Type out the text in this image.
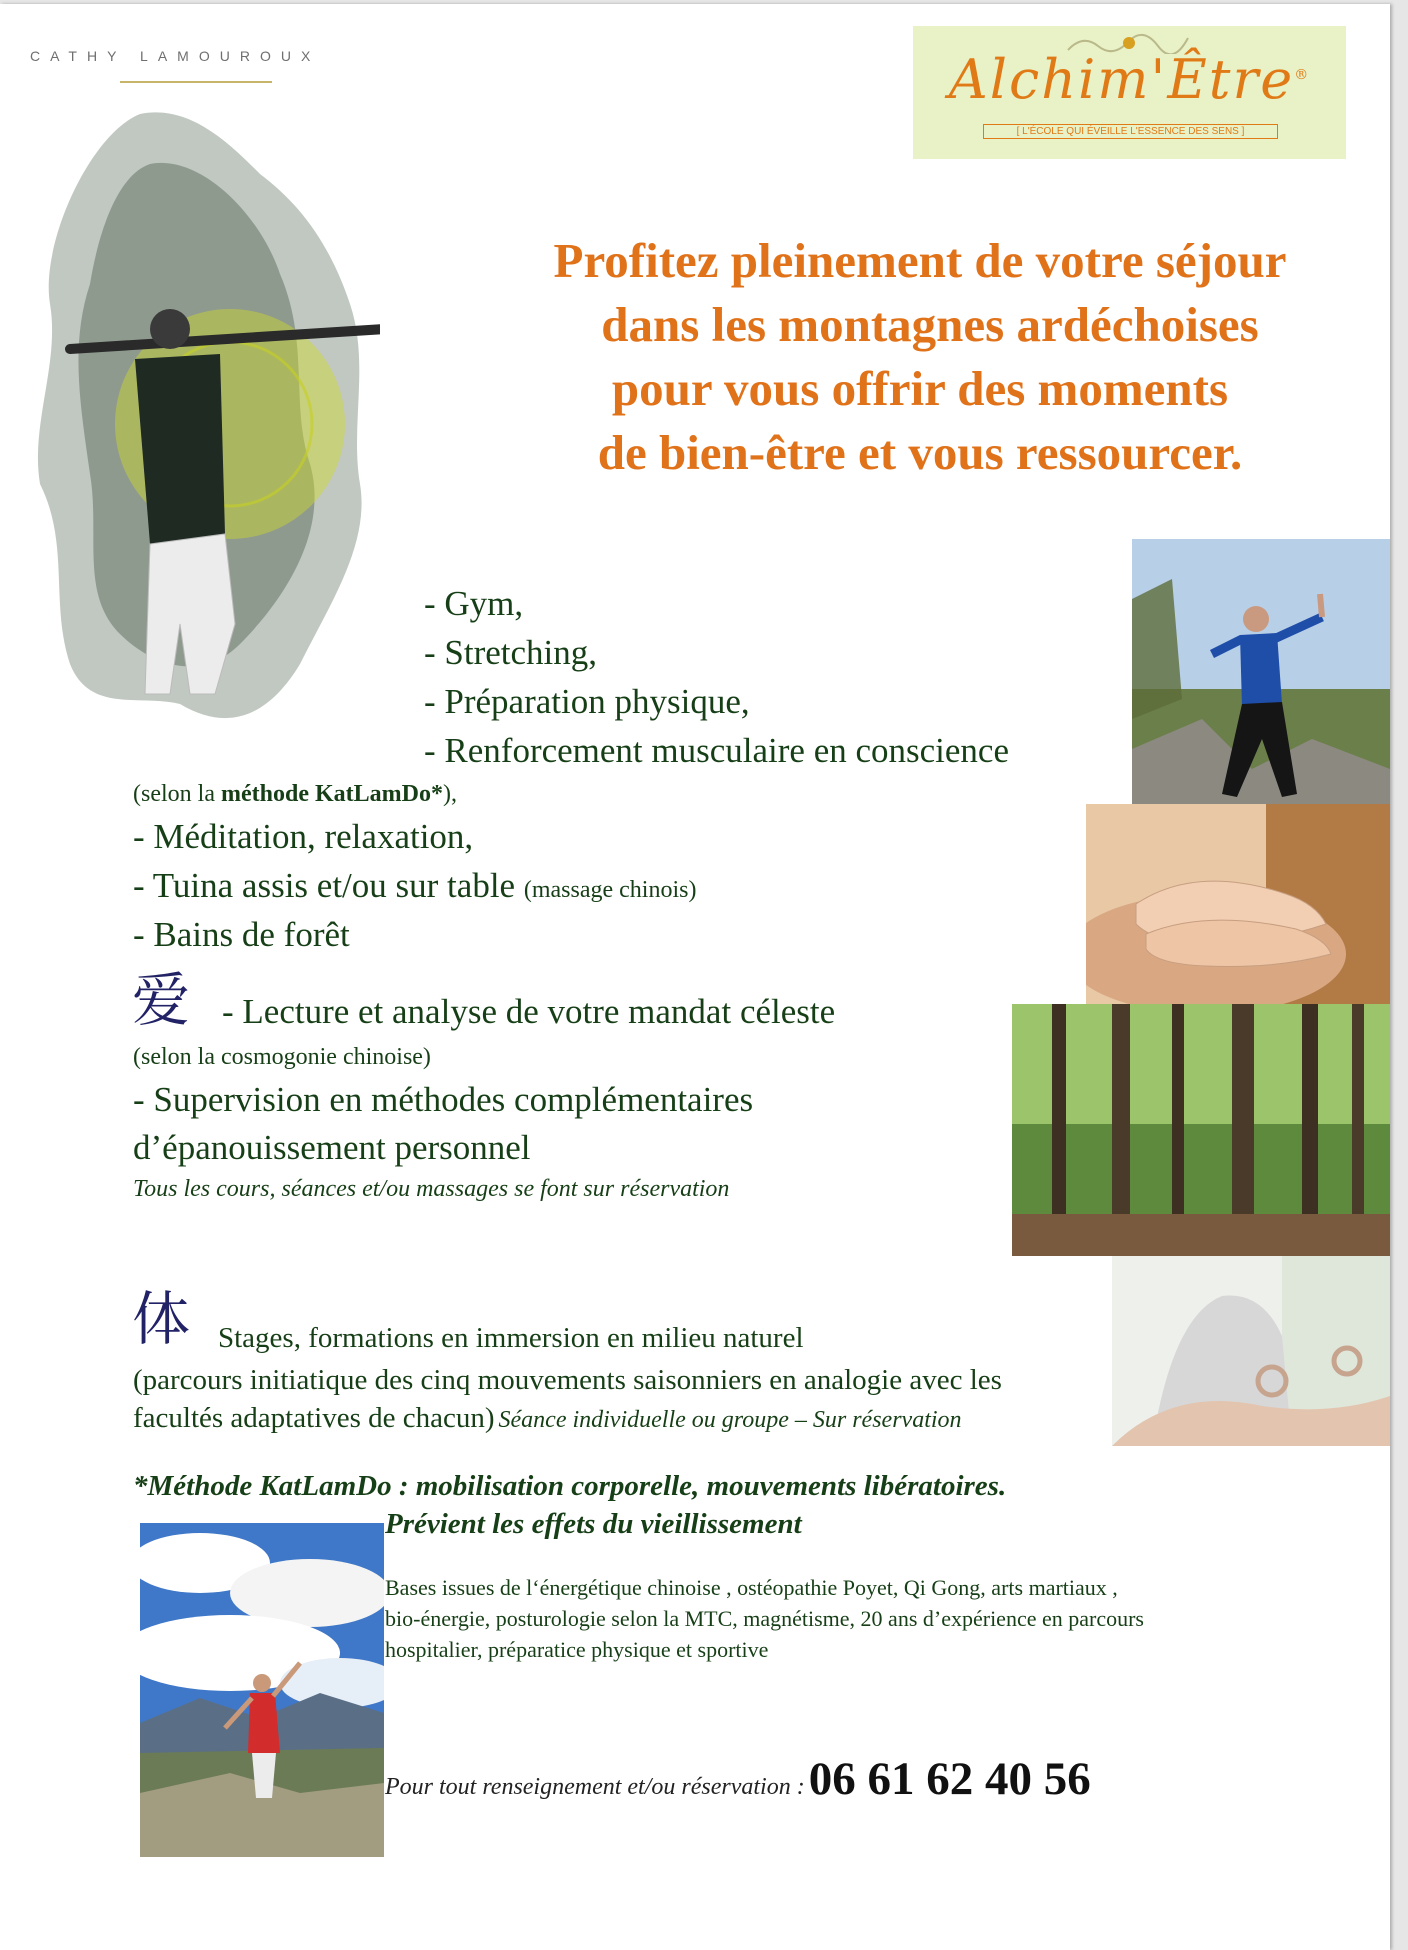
CATHY LAMOUROUX	Alchim'Être®
[ L'ÉCOLE QUI ÉVEILLE L'ESSENCE DES SENS ]
Profitez pleinement de votre séjour
dans les montagnes ardéchoises
pour vous offrir des moments
de bien-être et vous ressourcer.
- Gym,
- Stretching,
- Préparation physique,
- Renforcement musculaire en conscience
(selon la méthode KatLamDo*),
- Méditation, relaxation,
- Tuina assis et/ou sur table (massage chinois)
- Bains de forêt
爱 - Lecture et analyse de votre mandat céleste
(selon la cosmogonie chinoise)
- Supervision en méthodes complémentaires
d’épanouissement personnel
Tous les cours, séances et/ou massages se font sur réservation
体 Stages, formations en immersion en milieu naturel
(parcours initiatique des cinq mouvements saisonniers en analogie avec les
facultés adaptatives de chacun) Séance individuelle ou groupe – Sur réservation
*Méthode KatLamDo : mobilisation corporelle, mouvements libératoires.
Prévient les effets du vieillissement
Bases issues de l‘énergétique chinoise , ostéopathie Poyet, Qi Gong, arts martiaux ,
bio-énergie, posturologie selon la MTC, magnétisme, 20 ans d’expérience en parcours
hospitalier, préparatice physique et sportive
Pour tout renseignement et/ou réservation : 06 61 62 40 56
